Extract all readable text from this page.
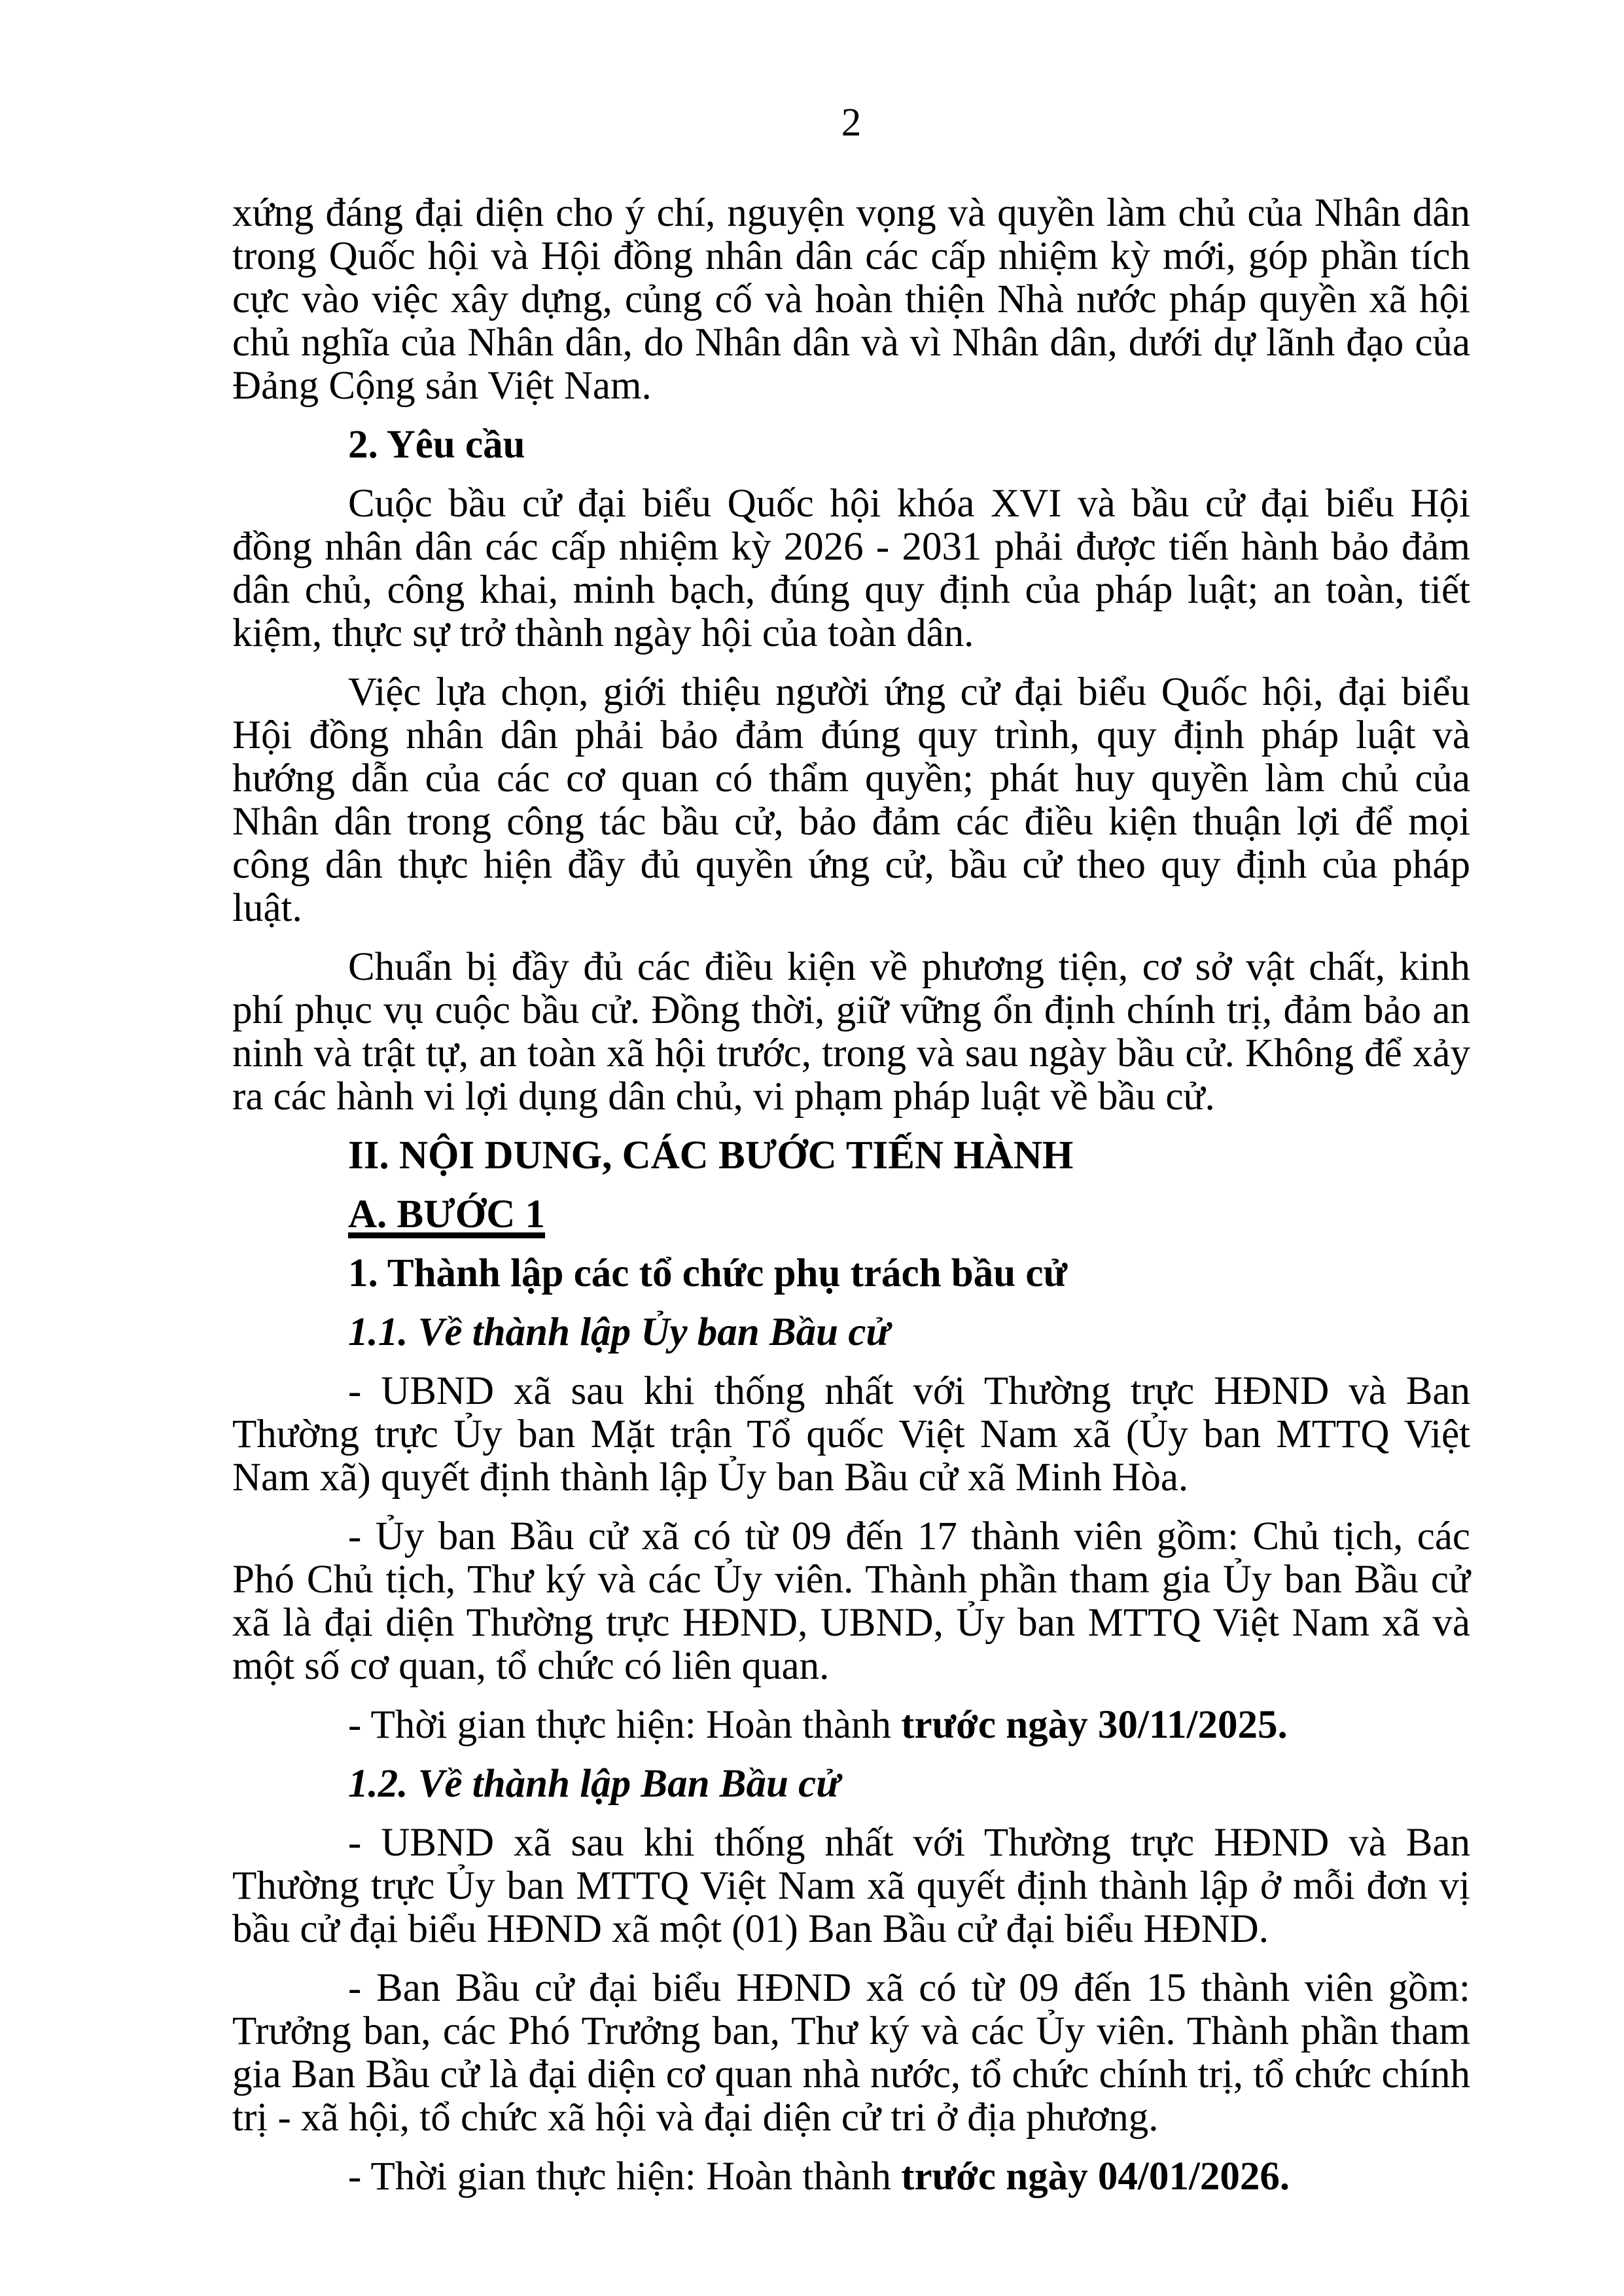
2

xứng đáng đại diện cho ý chí, nguyện vọng và quyền làm chủ của Nhân dân trong Quốc hội và Hội đồng nhân dân các cấp nhiệm kỳ mới, góp phần tích cực vào việc xây dựng, củng cố và hoàn thiện Nhà nước pháp quyền xã hội chủ nghĩa của Nhân dân, do Nhân dân và vì Nhân dân, dưới dự lãnh đạo của Đảng Cộng sản Việt Nam.

2. Yêu cầu

Cuộc bầu cử đại biểu Quốc hội khóa XVI và bầu cử đại biểu Hội đồng nhân dân các cấp nhiệm kỳ 2026 - 2031 phải được tiến hành bảo đảm dân chủ, công khai, minh bạch, đúng quy định của pháp luật; an toàn, tiết kiệm, thực sự trở thành ngày hội của toàn dân.

Việc lựa chọn, giới thiệu người ứng cử đại biểu Quốc hội, đại biểu Hội đồng nhân dân phải bảo đảm đúng quy trình, quy định pháp luật và hướng dẫn của các cơ quan có thẩm quyền; phát huy quyền làm chủ của Nhân dân trong công tác bầu cử, bảo đảm các điều kiện thuận lợi để mọi công dân thực hiện đầy đủ quyền ứng cử, bầu cử theo quy định của pháp luật.

Chuẩn bị đầy đủ các điều kiện về phương tiện, cơ sở vật chất, kinh phí phục vụ cuộc bầu cử. Đồng thời, giữ vững ổn định chính trị, đảm bảo an ninh và trật tự, an toàn xã hội trước, trong và sau ngày bầu cử. Không để xảy ra các hành vi lợi dụng dân chủ, vi phạm pháp luật về bầu cử.

II. NỘI DUNG, CÁC BƯỚC TIẾN HÀNH

A. BƯỚC 1

1. Thành lập các tổ chức phụ trách bầu cử

1.1. Về thành lập Ủy ban Bầu cử

- UBND xã sau khi thống nhất với Thường trực HĐND và Ban Thường trực Ủy ban Mặt trận Tổ quốc Việt Nam xã (Ủy ban MTTQ Việt Nam xã) quyết định thành lập Ủy ban Bầu cử xã Minh Hòa.

- Ủy ban Bầu cử xã có từ 09 đến 17 thành viên gồm: Chủ tịch, các Phó Chủ tịch, Thư ký và các Ủy viên. Thành phần tham gia Ủy ban Bầu cử xã là đại diện Thường trực HĐND, UBND, Ủy ban MTTQ Việt Nam xã và một số cơ quan, tổ chức có liên quan.

- Thời gian thực hiện: Hoàn thành trước ngày 30/11/2025.

1.2. Về thành lập Ban Bầu cử

- UBND xã sau khi thống nhất với Thường trực HĐND và Ban Thường trực Ủy ban MTTQ Việt Nam xã quyết định thành lập ở mỗi đơn vị bầu cử đại biểu HĐND xã một (01) Ban Bầu cử đại biểu HĐND.

- Ban Bầu cử đại biểu HĐND xã có từ 09 đến 15 thành viên gồm: Trưởng ban, các Phó Trưởng ban, Thư ký và các Ủy viên. Thành phần tham gia Ban Bầu cử là đại diện cơ quan nhà nước, tổ chức chính trị, tổ chức chính trị - xã hội, tổ chức xã hội và đại diện cử tri ở địa phương.

- Thời gian thực hiện: Hoàn thành trước ngày 04/01/2026.
